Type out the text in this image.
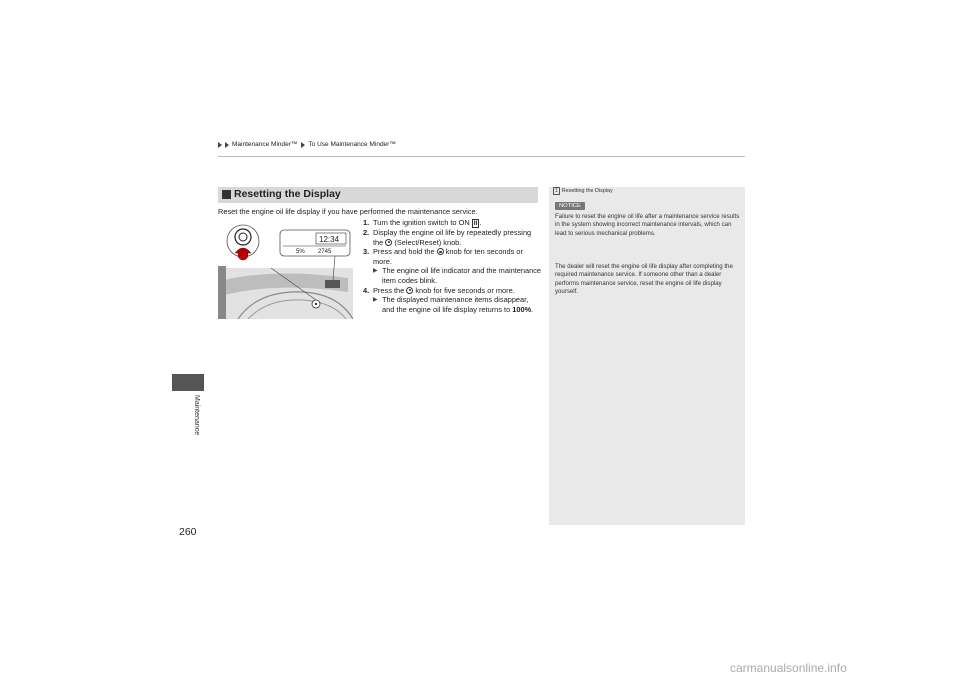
Maintenance Minder™ To Use Maintenance Minder™
Maintenance
260
Resetting the Display
Reset the engine oil life display if you have performed the maintenance service.
12:34
5% 2745
1. Turn the ignition switch to ON II .
2. Display the engine oil life by repeatedly pressing the  (Select/Reset) knob.
3. Press and hold the  knob for ten seconds or more.
▶ The engine oil life indicator and the maintenance item codes blink.
4. Press the  knob for five seconds or more.
▶ The displayed maintenance items disappear, and the engine oil life display returns to 100%.
1 Resetting the Display
NOTICE
Failure to reset the engine oil life after a maintenance service results in the system showing incorrect maintenance intervals, which can lead to serious mechanical problems.
The dealer will reset the engine oil life display after completing the required maintenance service. If someone other than a dealer performs maintenance service, reset the engine oil life display yourself.
carmanualsonline.info
